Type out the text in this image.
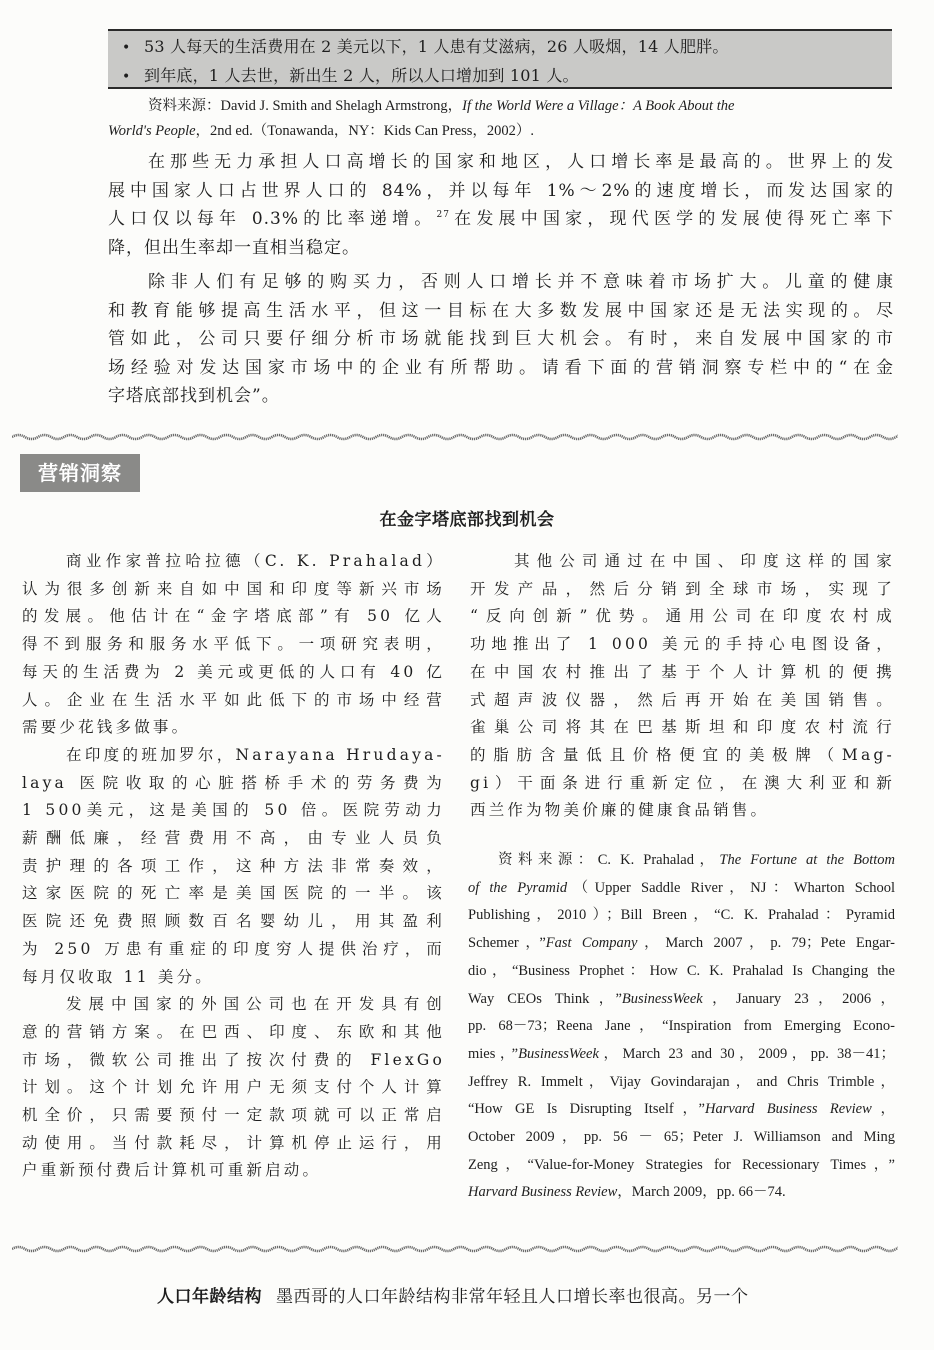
• 53 人每天的生活费用在 2 美元以下，1 人患有艾滋病，26 人吸烟，14 人肥胖。
• 到年底，1 人去世，新出生 2 人，所以人口增加到 101 人。

资料来源：David J. Smith and Shelagh Armstrong，If the World Were a Village：A Book About the

World's People，2nd ed.（Tonawanda，NY：Kids Can Press，2002）.

在那些无力承担人口高增长的国家和地区，人口增长率是最高的。世界上的发
展中国家人口占世界人口的 84%，并以每年 1%～2%的速度增长，而发达国家的
人口仅以每年 0.3%的比率递增。$^{27}$在发展中国家，现代医学的发展使得死亡率下
降，但出生率却一直相当稳定。
除非人们有足够的购买力，否则人口增长并不意味着市场扩大。儿童的健康
和教育能够提高生活水平，但这一目标在大多数发展中国家还是无法实现的。尽
管如此，公司只要仔细分析市场就能找到巨大机会。有时，来自发展中国家的市
场经验对发达国家市场中的企业有所帮助。请看下面的营销洞察专栏中的“在金
字塔底部找到机会”。
营销洞察
在金字塔底部找到机会
商业作家普拉哈拉德（C. K. Prahalad）
认为很多创新来自如中国和印度等新兴市场
的发展。他估计在“金字塔底部”有 50 亿人
得不到服务和服务水平低下。一项研究表明，
每天的生活费为 2 美元或更低的人口有 40 亿
人。企业在生活水平如此低下的市场中经营
需要少花钱多做事。
在印度的班加罗尔，Narayana Hrudaya-
laya 医院收取的心脏搭桥手术的劳务费为
1 500美元，这是美国的 50 倍。医院劳动力
薪酬低廉，经营费用不高，由专业人员负
责护理的各项工作，这种方法非常奏效，
这家医院的死亡率是美国医院的一半。该
医院还免费照顾数百名婴幼儿，用其盈利
为 250 万患有重症的印度穷人提供治疗，而
每月仅收取 11 美分。
发展中国家的外国公司也在开发具有创
意的营销方案。在巴西、印度、东欧和其他
市场，微软公司推出了按次付费的 FlexGo
计划。这个计划允许用户无须支付个人计算
机全价，只需要预付一定款项就可以正常启
动使用。当付款耗尽，计算机停止运行，用
户重新预付费后计算机可重新启动。
其他公司通过在中国、印度这样的国家
开发产品，然后分销到全球市场，实现了
“反向创新”优势。通用公司在印度农村成
功地推出了 1 000 美元的手持心电图设备，
在中国农村推出了基于个人计算机的便携
式超声波仪器，然后再开始在美国销售。
雀巢公司将其在巴基斯坦和印度农村流行
的脂肪含量低且价格便宜的美极牌（Mag-
gi）干面条进行重新定位，在澳大利亚和新
西兰作为物美价廉的健康食品销售。
资料来源：C. K. Prahalad，The Fortune at the Bottom
of the Pyramid（Upper Saddle River，NJ：Wharton School
Publishing，2010）；Bill Breen，“C. K. Prahalad：Pyramid
Schemer，”Fast Company，March 2007，p. 79；Pete Engar-
dio，“Business Prophet：How C. K. Prahalad Is Changing the
Way CEOs Think，”BusinessWeek，January 23，2006，
pp. 68－73；Reena Jane，“Inspiration from Emerging Econo-
mies，”BusinessWeek，March 23 and 30，2009，pp. 38－41；
Jeffrey R. Immelt，Vijay Govindarajan，and Chris Trimble，
“How GE Is Disrupting Itself，”Harvard Business Review，
October 2009，pp. 56 － 65；Peter J. Williamson and Ming
Zeng，“Value-for-Money Strategies for Recessionary Times，”
Harvard Business Review，March 2009，pp. 66－74.
人口年龄结构 墨西哥的人口年龄结构非常年轻且人口增长率也很高。另一个
